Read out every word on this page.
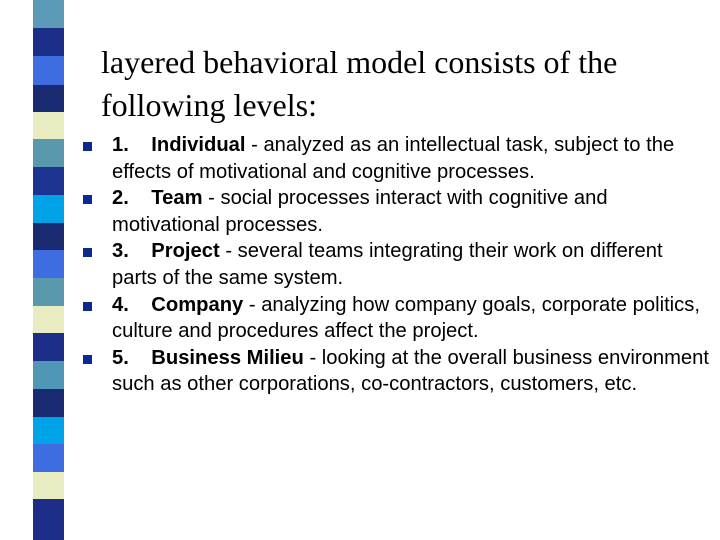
layered behavioral model consists of the following levels:
1. Individual - analyzed as an intellectual task, subject to the effects of motivational and cognitive processes.
2. Team - social processes interact with cognitive and motivational processes.
3. Project - several teams integrating their work on different parts of the same system.
4. Company - analyzing how company goals, corporate politics, culture and procedures affect the project.
5. Business Milieu - looking at the overall business environment such as other corporations, co-contractors, customers, etc.
